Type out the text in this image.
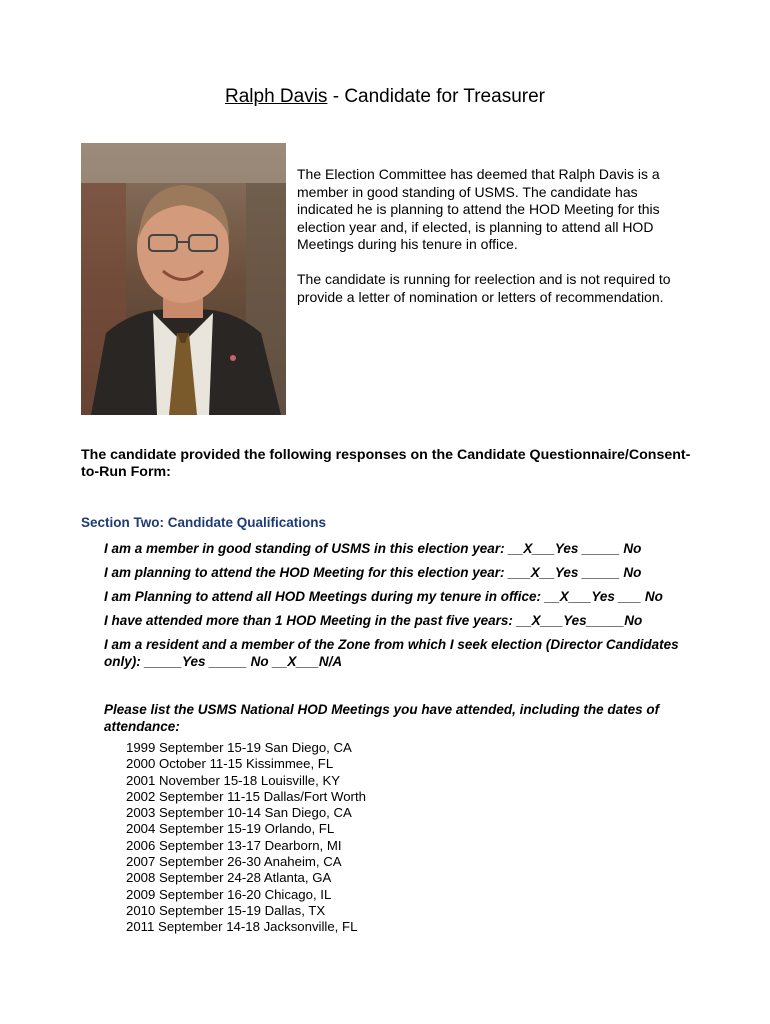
Ralph Davis - Candidate for Treasurer

The Election Committee has deemed that Ralph Davis is a member in good standing of USMS. The candidate has indicated he is planning to attend the HOD Meeting for this election year and, if elected, is planning to attend all HOD Meetings during his tenure in office.

The candidate is running for reelection and is not required to provide a letter of nomination or letters of recommendation.

The candidate provided the following responses on the Candidate Questionnaire/Consent-to-Run Form:
Section Two: Candidate Qualifications
I am a member in good standing of USMS in this election year: __X___Yes _____ No
I am planning to attend the HOD Meeting for this election year: ___X__Yes _____ No
I am Planning to attend all HOD Meetings during my tenure in office: __X___Yes ___ No
I have attended more than 1 HOD Meeting in the past five years: __X___Yes_____No
I am a resident and a member of the Zone from which I seek election (Director Candidates only): _____Yes _____ No __X___N/A
Please list the USMS National HOD Meetings you have attended, including the dates of attendance:
1999 September 15-19 San Diego, CA
2000 October 11-15 Kissimmee, FL
2001 November 15-18 Louisville, KY
2002 September 11-15 Dallas/Fort Worth
2003 September 10-14 San Diego, CA
2004 September 15-19 Orlando, FL
2006 September 13-17 Dearborn, MI
2007 September 26-30 Anaheim, CA
2008 September 24-28 Atlanta, GA
2009 September 16-20 Chicago, IL
2010 September 15-19 Dallas, TX
2011 September 14-18 Jacksonville, FL
